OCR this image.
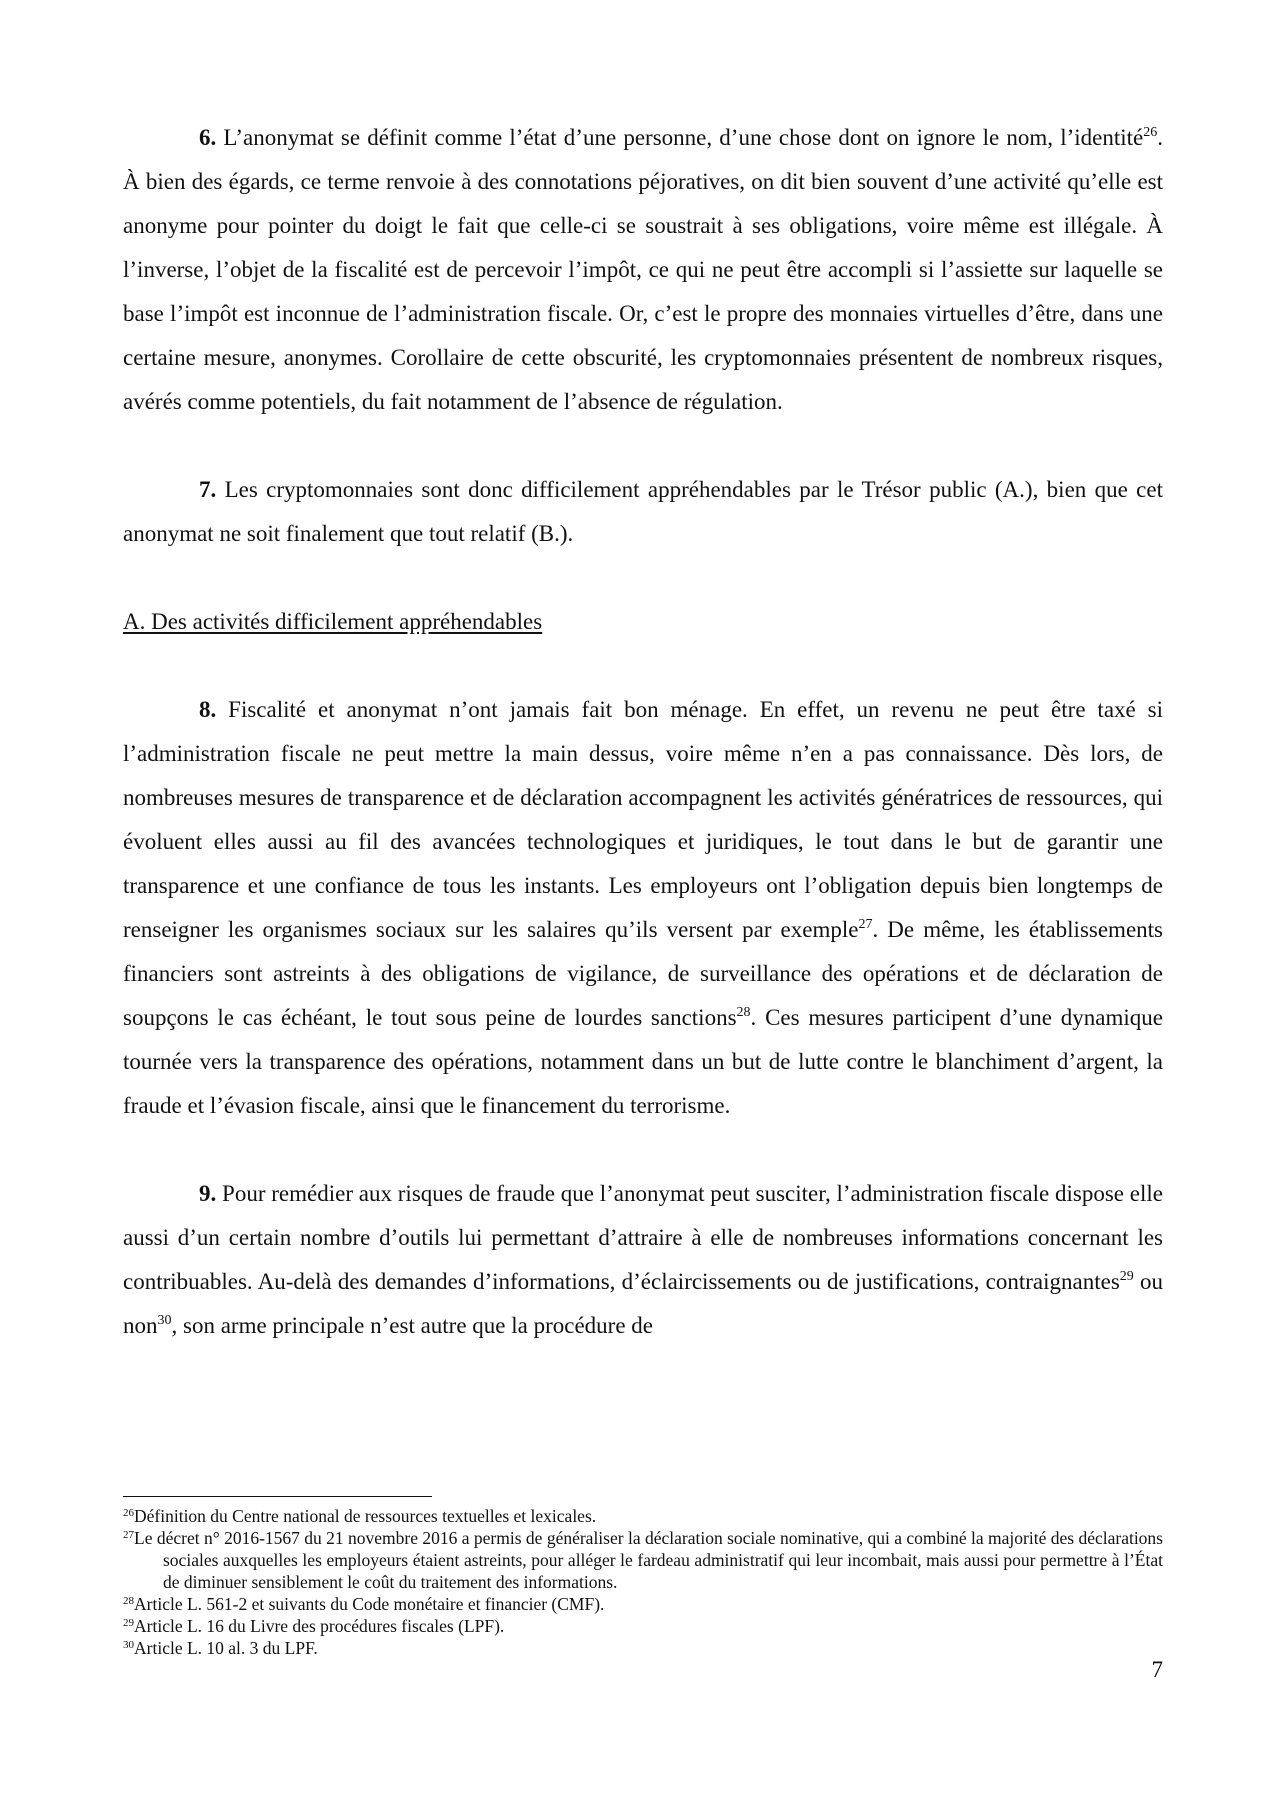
6. L’anonymat se définit comme l’état d’une personne, d’une chose dont on ignore le nom, l’identité$^{26}$. À bien des égards, ce terme renvoie à des connotations péjoratives, on dit bien souvent d’une activité qu’elle est anonyme pour pointer du doigt le fait que celle-ci se soustrait à ses obligations, voire même est illégale. À l’inverse, l’objet de la fiscalité est de percevoir l’impôt, ce qui ne peut être accompli si l’assiette sur laquelle se base l’impôt est inconnue de l’administration fiscale. Or, c’est le propre des monnaies virtuelles d’être, dans une certaine mesure, anonymes. Corollaire de cette obscurité, les cryptomonnaies présentent de nombreux risques, avérés comme potentiels, du fait notamment de l’absence de régulation.

7. Les cryptomonnaies sont donc difficilement appréhendables par le Trésor public (A.), bien que cet anonymat ne soit finalement que tout relatif (B.).

A. Des activités difficilement appréhendables

8. Fiscalité et anonymat n’ont jamais fait bon ménage. En effet, un revenu ne peut être taxé si l’administration fiscale ne peut mettre la main dessus, voire même n’en a pas connaissance. Dès lors, de nombreuses mesures de transparence et de déclaration accompagnent les activités génératrices de ressources, qui évoluent elles aussi au fil des avancées technologiques et juridiques, le tout dans le but de garantir une transparence et une confiance de tous les instants. Les employeurs ont l’obligation depuis bien longtemps de renseigner les organismes sociaux sur les salaires qu’ils versent par exemple$^{27}$. De même, les établissements financiers sont astreints à des obligations de vigilance, de surveillance des opérations et de déclaration de soupçons le cas échéant, le tout sous peine de lourdes sanctions$^{28}$. Ces mesures participent d’une dynamique tournée vers la transparence des opérations, notamment dans un but de lutte contre le blanchiment d’argent, la fraude et l’évasion fiscale, ainsi que le financement du terrorisme.

9. Pour remédier aux risques de fraude que l’anonymat peut susciter, l’administration fiscale dispose elle aussi d’un certain nombre d’outils lui permettant d’attraire à elle de nombreuses informations concernant les contribuables. Au-delà des demandes d’informations, d’éclaircissements ou de justifications, contraignantes$^{29}$ ou non$^{30}$, son arme principale n’est autre que la procédure de

$^{26}$Définition du Centre national de ressources textuelles et lexicales.

$^{27}$Le décret n° 2016-1567 du 21 novembre 2016 a permis de généraliser la déclaration sociale nominative, qui a combiné la majorité des déclarations sociales auxquelles les employeurs étaient astreints, pour alléger le fardeau administratif qui leur incombait, mais aussi pour permettre à l’État de diminuer sensiblement le coût du traitement des informations.

$^{28}$Article L. 561-2 et suivants du Code monétaire et financier (CMF).

$^{29}$Article L. 16 du Livre des procédures fiscales (LPF).

$^{30}$Article L. 10 al. 3 du LPF.

7
